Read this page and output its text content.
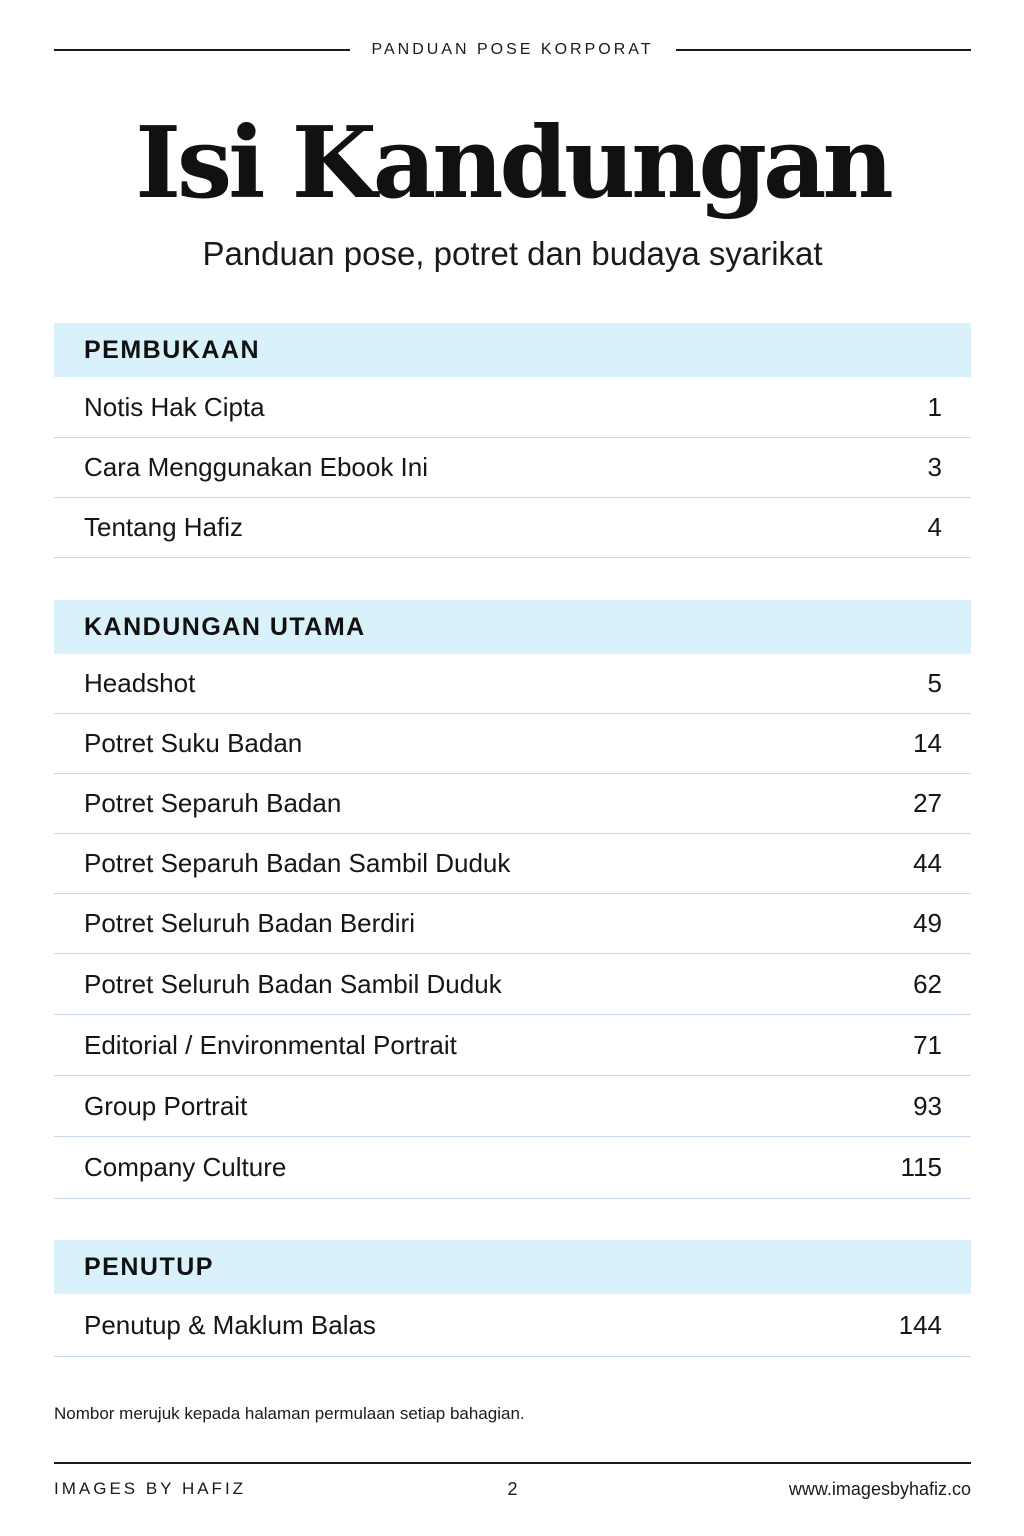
PANDUAN POSE KORPORAT
Isi Kandungan
Panduan pose, potret dan budaya syarikat
PEMBUKAAN
Notis Hak Cipta	1
Cara Menggunakan Ebook Ini	3
Tentang Hafiz	4
KANDUNGAN UTAMA
Headshot	5
Potret Suku Badan	14
Potret Separuh Badan	27
Potret Separuh Badan Sambil Duduk	44
Potret Seluruh Badan Berdiri	49
Potret Seluruh Badan Sambil Duduk	62
Editorial / Environmental Portrait	71
Group Portrait	93
Company Culture	115
PENUTUP
Penutup & Maklum Balas	144
Nombor merujuk kepada halaman permulaan setiap bahagian.
IMAGES BY HAFIZ	2	www.imagesbyhafiz.co
